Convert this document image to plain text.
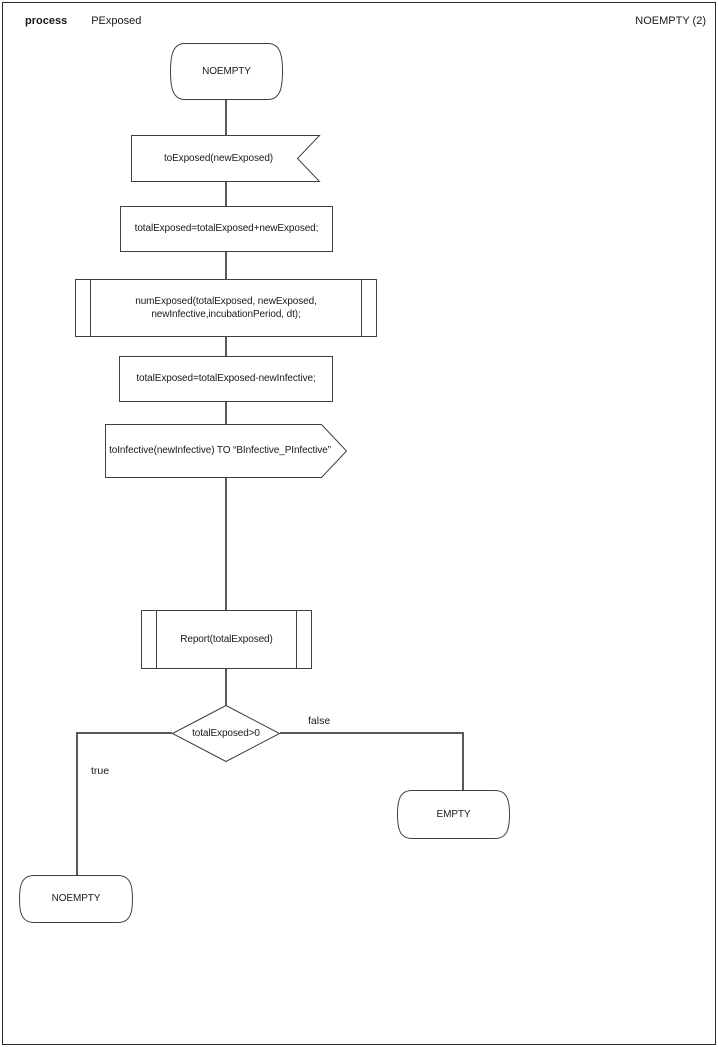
process PExposed	NOEMPTY (2)
true
false
NOEMPTY
toExposed(newExposed)
totalExposed=totalExposed+newExposed;
numExposed(totalExposed, newExposed,
newInfective,incubationPeriod, dt);
totalExposed=totalExposed-newInfective;
toInfective(newInfective) TO “BInfective_PInfective”
Report(totalExposed)
totalExposed>0
EMPTY
NOEMPTY
